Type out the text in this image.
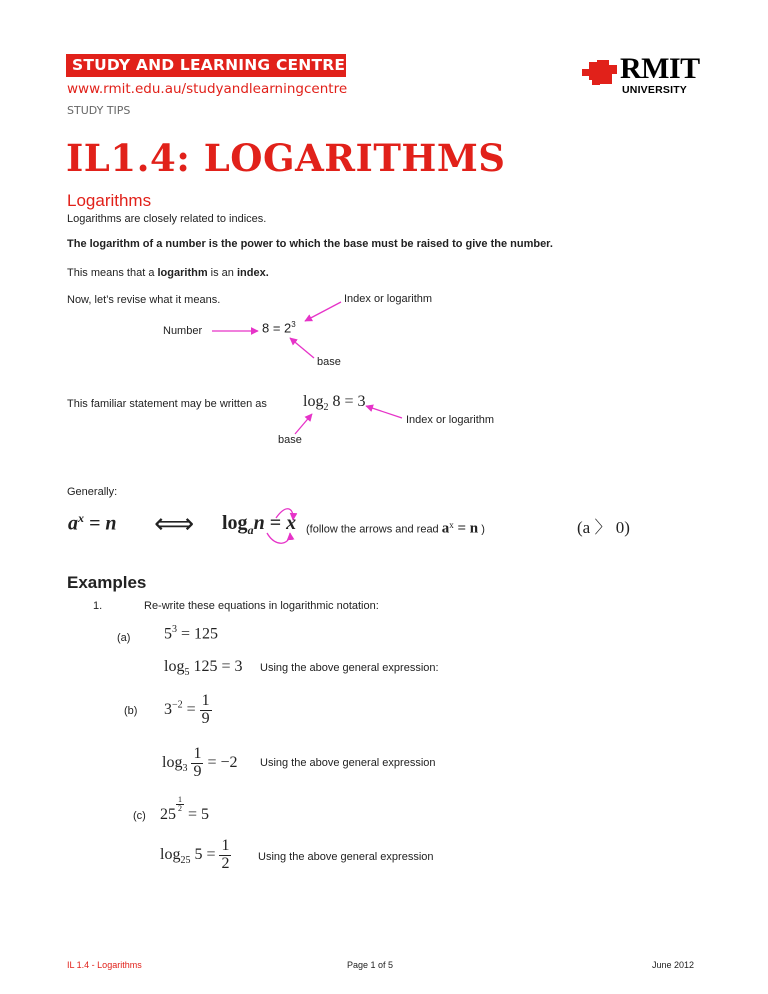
STUDY AND LEARNING CENTRE
www.rmit.edu.au/studyandlearningcentre
STUDY TIPS
RMIT
UNIVERSITY
IL1.4: LOGARITHMS
Logarithms
Logarithms are closely related to indices.
The logarithm of a number is the power to which the base must be raised to give the number.
This means that a logarithm is an index.
Now, let’s revise what it means.	Index or logarithm
Number	$8 = 2^3$
base
This familiar statement may be written as $\log_2 8 = 3$
Index or logarithm
base
Generally:
$a^x = n$ ⟺ $\log_an = x$ (follow the arrows and read $a^x = n$ )	(a 〉 0)
Examples
1.	Re-write these equations in logarithmic notation:
(a) $5^3 = 125$
$\log_5 125 = 3$ Using the above general expression:
(b) $3^{-2} = \frac{1}{9}$
$\log_3 \frac{1}{9} = -2$ Using the above general expression
(c) 25
$\frac{1}{2}$
= 5
$\log_{25} 5 = \frac{1}{2}$ Using the above general expression
IL 1.4 - Logarithms	Page 1 of 5	June 2012
